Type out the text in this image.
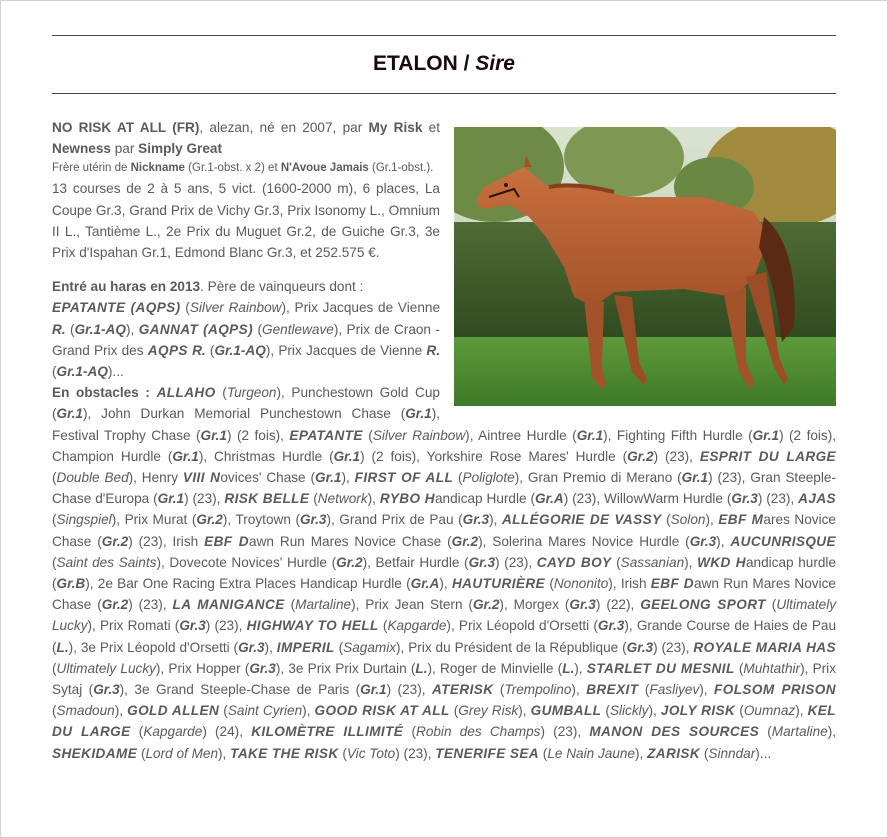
ETALON / Sire

NO RISK AT ALL (FR), alezan, né en 2007, par My Risk et Newness par Simply Great

Frère utérin de Nickname (Gr.1-obst. x 2) et N'Avoue Jamais (Gr.1-obst.).

13 courses de 2 à 5 ans, 5 vict. (1600-2000 m), 6 places, La Coupe Gr.3, Grand Prix de Vichy Gr.3, Prix Isonomy L., Omnium II L., Tantième L., 2e Prix du Muguet Gr.2, de Guiche Gr.3, 3e Prix d'Ispahan Gr.1, Edmond Blanc Gr.3, et 252.575 €.

Entré au haras en 2013. Père de vainqueurs dont :

EPATANTE (AQPS) (Silver Rainbow), Prix Jacques de Vienne R. (Gr.1-AQ), GANNAT (AQPS) (Gentlewave), Prix de Craon - Grand Prix des AQPS R. (Gr.1-AQ), Prix Jacques de Vienne R. (Gr.1-AQ)...

En obstacles : ALLAHO (Turgeon), Punchestown Gold Cup (Gr.1), John Durkan Memorial Punchestown Chase (Gr.1), Festival Trophy Chase (Gr.1) (2 fois), EPATANTE (Silver Rainbow), Aintree Hurdle (Gr.1), Fighting Fifth Hurdle (Gr.1) (2 fois), Champion Hurdle (Gr.1), Christmas Hurdle (Gr.1) (2 fois), Yorkshire Rose Mares' Hurdle (Gr.2) (23), ESPRIT DU LARGE (Double Bed), Henry VIII Novices' Chase (Gr.1), FIRST OF ALL (Poliglote), Gran Premio di Merano (Gr.1) (23), Gran Steeple-Chase d'Europa (Gr.1) (23), RISK BELLE (Network), RYBO Handicap Hurdle (Gr.A) (23), WillowWarm Hurdle (Gr.3) (23), AJAS (Singspiel), Prix Murat (Gr.2), Troytown (Gr.3), Grand Prix de Pau (Gr.3), ALLÉGORIE DE VASSY (Solon), EBF Mares Novice Chase (Gr.2) (23), Irish EBF Dawn Run Mares Novice Chase (Gr.2), Solerina Mares Novice Hurdle (Gr.3), AUCUNRISQUE (Saint des Saints), Dovecote Novices' Hurdle (Gr.2), Betfair Hurdle (Gr.3) (23), CAYD BOY (Sassanian), WKD Handicap hurdle (Gr.B), 2e Bar One Racing Extra Places Handicap Hurdle (Gr.A), HAUTURIÈRE (Nononito), Irish EBF Dawn Run Mares Novice Chase (Gr.2) (23), LA MANIGANCE (Martaline), Prix Jean Stern (Gr.2), Morgex (Gr.3) (22), GEELONG SPORT (Ultimately Lucky), Prix Romati (Gr.3) (23), HIGHWAY TO HELL (Kapgarde), Prix Léopold d'Orsetti (Gr.3), Grande Course de Haies de Pau (L.), 3e Prix Léopold d'Orsetti (Gr.3), IMPERIL (Sagamix), Prix du Président de la République (Gr.3) (23), ROYALE MARIA HAS (Ultimately Lucky), Prix Hopper (Gr.3), 3e Prix Prix Durtain (L.), Roger de Minvielle (L.), STARLET DU MESNIL (Muhtathir), Prix Sytaj (Gr.3), 3e Grand Steeple-Chase de Paris (Gr.1) (23), ATERISK (Trempolino), BREXIT (Fasliyev), FOLSOM PRISON (Smadoun), GOLD ALLEN (Saint Cyrien), GOOD RISK AT ALL (Grey Risk), GUMBALL (Slickly), JOLY RISK (Oumnaz), KEL DU LARGE (Kapgarde) (24), KILOMÈTRE ILLIMITÉ (Robin des Champs) (23), MANON DES SOURCES (Martaline), SHEKIDAME (Lord of Men), TAKE THE RISK (Vic Toto) (23), TENERIFE SEA (Le Nain Jaune), ZARISK (Sinndar)...
